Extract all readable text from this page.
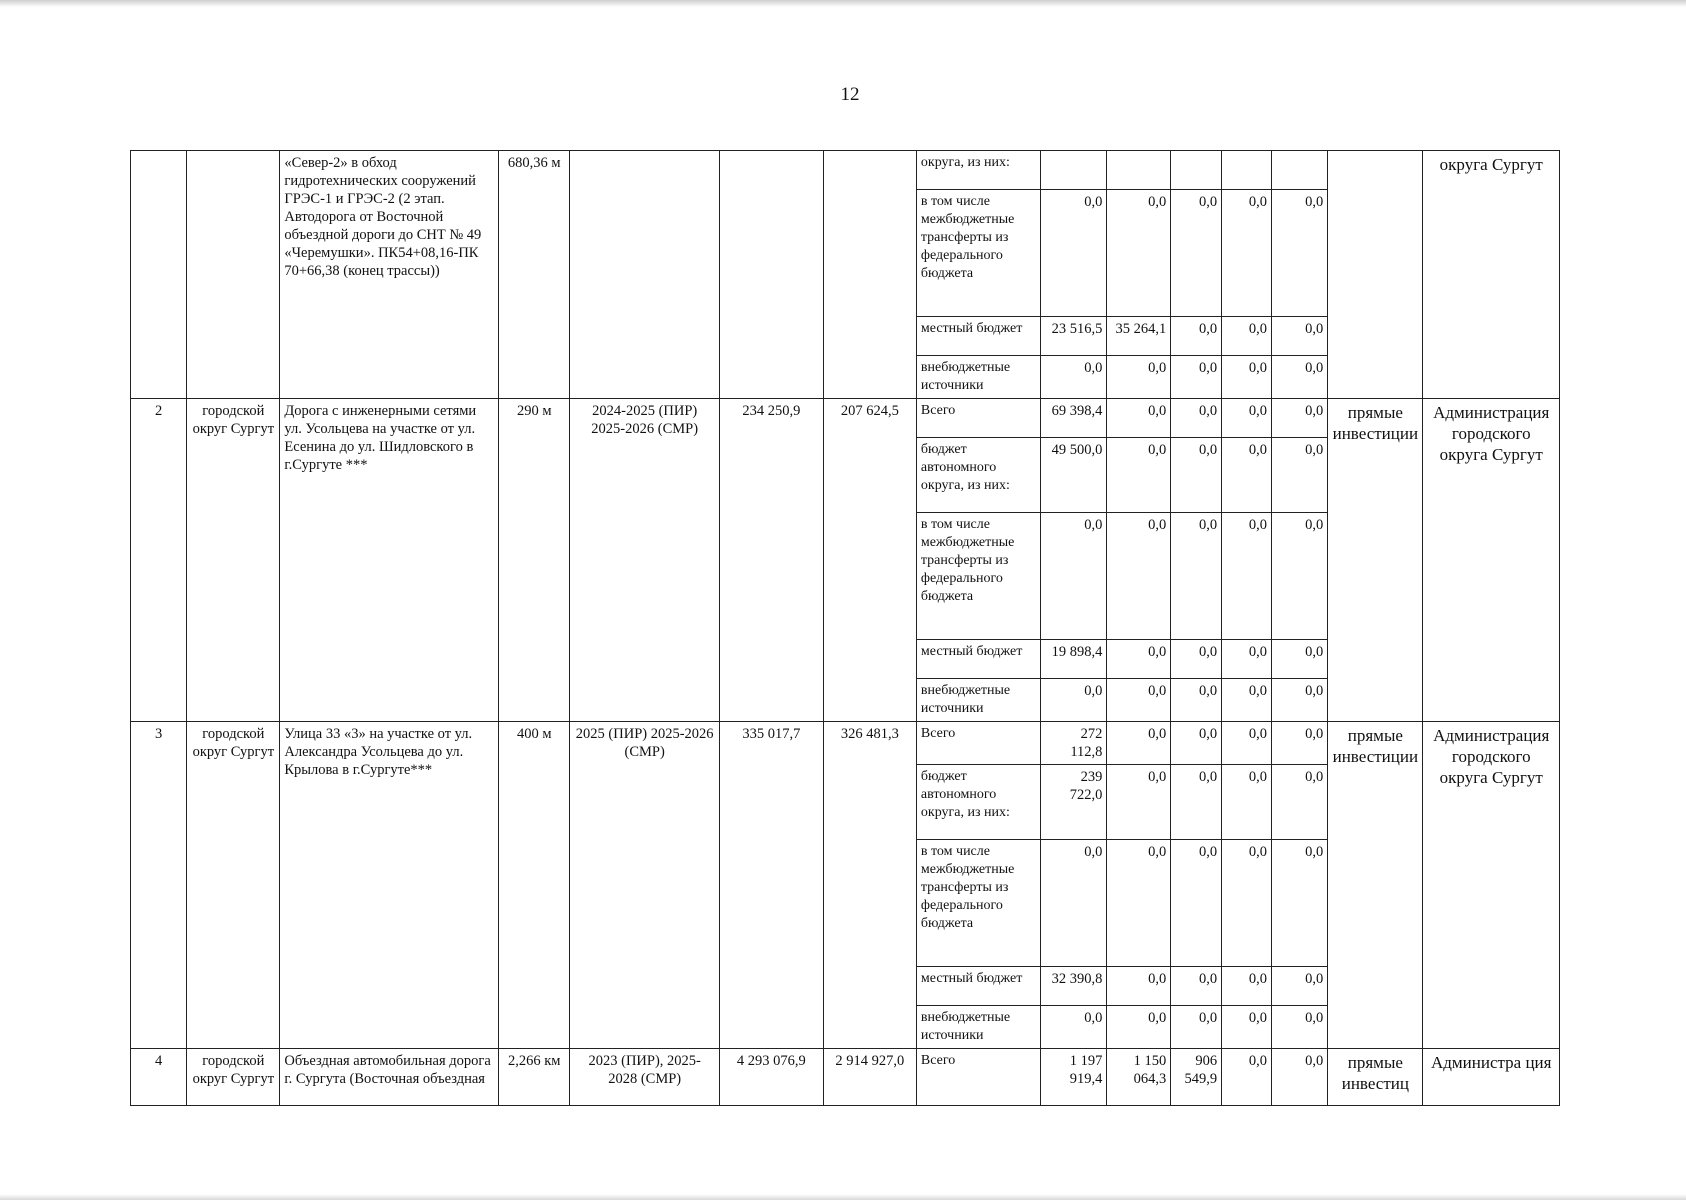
12
		«Север-2» в обход гидротехнических сооружений ГРЭС-1 и ГРЭС-2 (2 этап. Автодорога от Восточной объездной дороги до СНТ № 49 «Черемушки». ПК54+08,16-ПК 70+66,38 (конец трассы))	680,36 м				округа, из них:							округа Сургут
							в том числе межбюджетные трансферты из федерального бюджета	0,0	0,0	0,0	0,0	0,0		
							местный бюджет	23 516,5	35 264,1	0,0	0,0	0,0		
							внебюджетные источники	0,0	0,0	0,0	0,0	0,0		
2	городской округ Сургут	Дорога с инженерными сетями ул. Усольцева на участке от ул. Есенина до ул. Шидловского в г.Сургуте ***	290 м	2024-2025 (ПИР) 2025-2026 (СМР)	234 250,9	207 624,5	Всего	69 398,4	0,0	0,0	0,0	0,0	прямые инвестиции	Администрация городского округа Сургут
							бюджет автономного округа, из них:	49 500,0	0,0	0,0	0,0	0,0		
							в том числе межбюджетные трансферты из федерального бюджета	0,0	0,0	0,0	0,0	0,0		
							местный бюджет	19 898,4	0,0	0,0	0,0	0,0		
							внебюджетные источники	0,0	0,0	0,0	0,0	0,0		
3	городской округ Сургут	Улица 33 «3» на участке от ул. Александра Усольцева до ул. Крылова в г.Сургуте***	400 м	2025 (ПИР) 2025-2026 (СМР)	335 017,7	326 481,3	Всего	272 112,8	0,0	0,0	0,0	0,0	прямые инвестиции	Администрация городского округа Сургут
							бюджет автономного округа, из них:	239 722,0	0,0	0,0	0,0	0,0		
							в том числе межбюджетные трансферты из федерального бюджета	0,0	0,0	0,0	0,0	0,0		
							местный бюджет	32 390,8	0,0	0,0	0,0	0,0		
							внебюджетные источники	0,0	0,0	0,0	0,0	0,0		
4	городской округ Сургут	Объездная автомобильная дорога г. Сургута (Восточная объездная	2,266 км	2023 (ПИР), 2025-2028 (СМР)	4 293 076,9	2 914 927,0	Всего	1 197 919,4	1 150 064,3	906 549,9	0,0	0,0	прямые инвестиц	Администра ция
